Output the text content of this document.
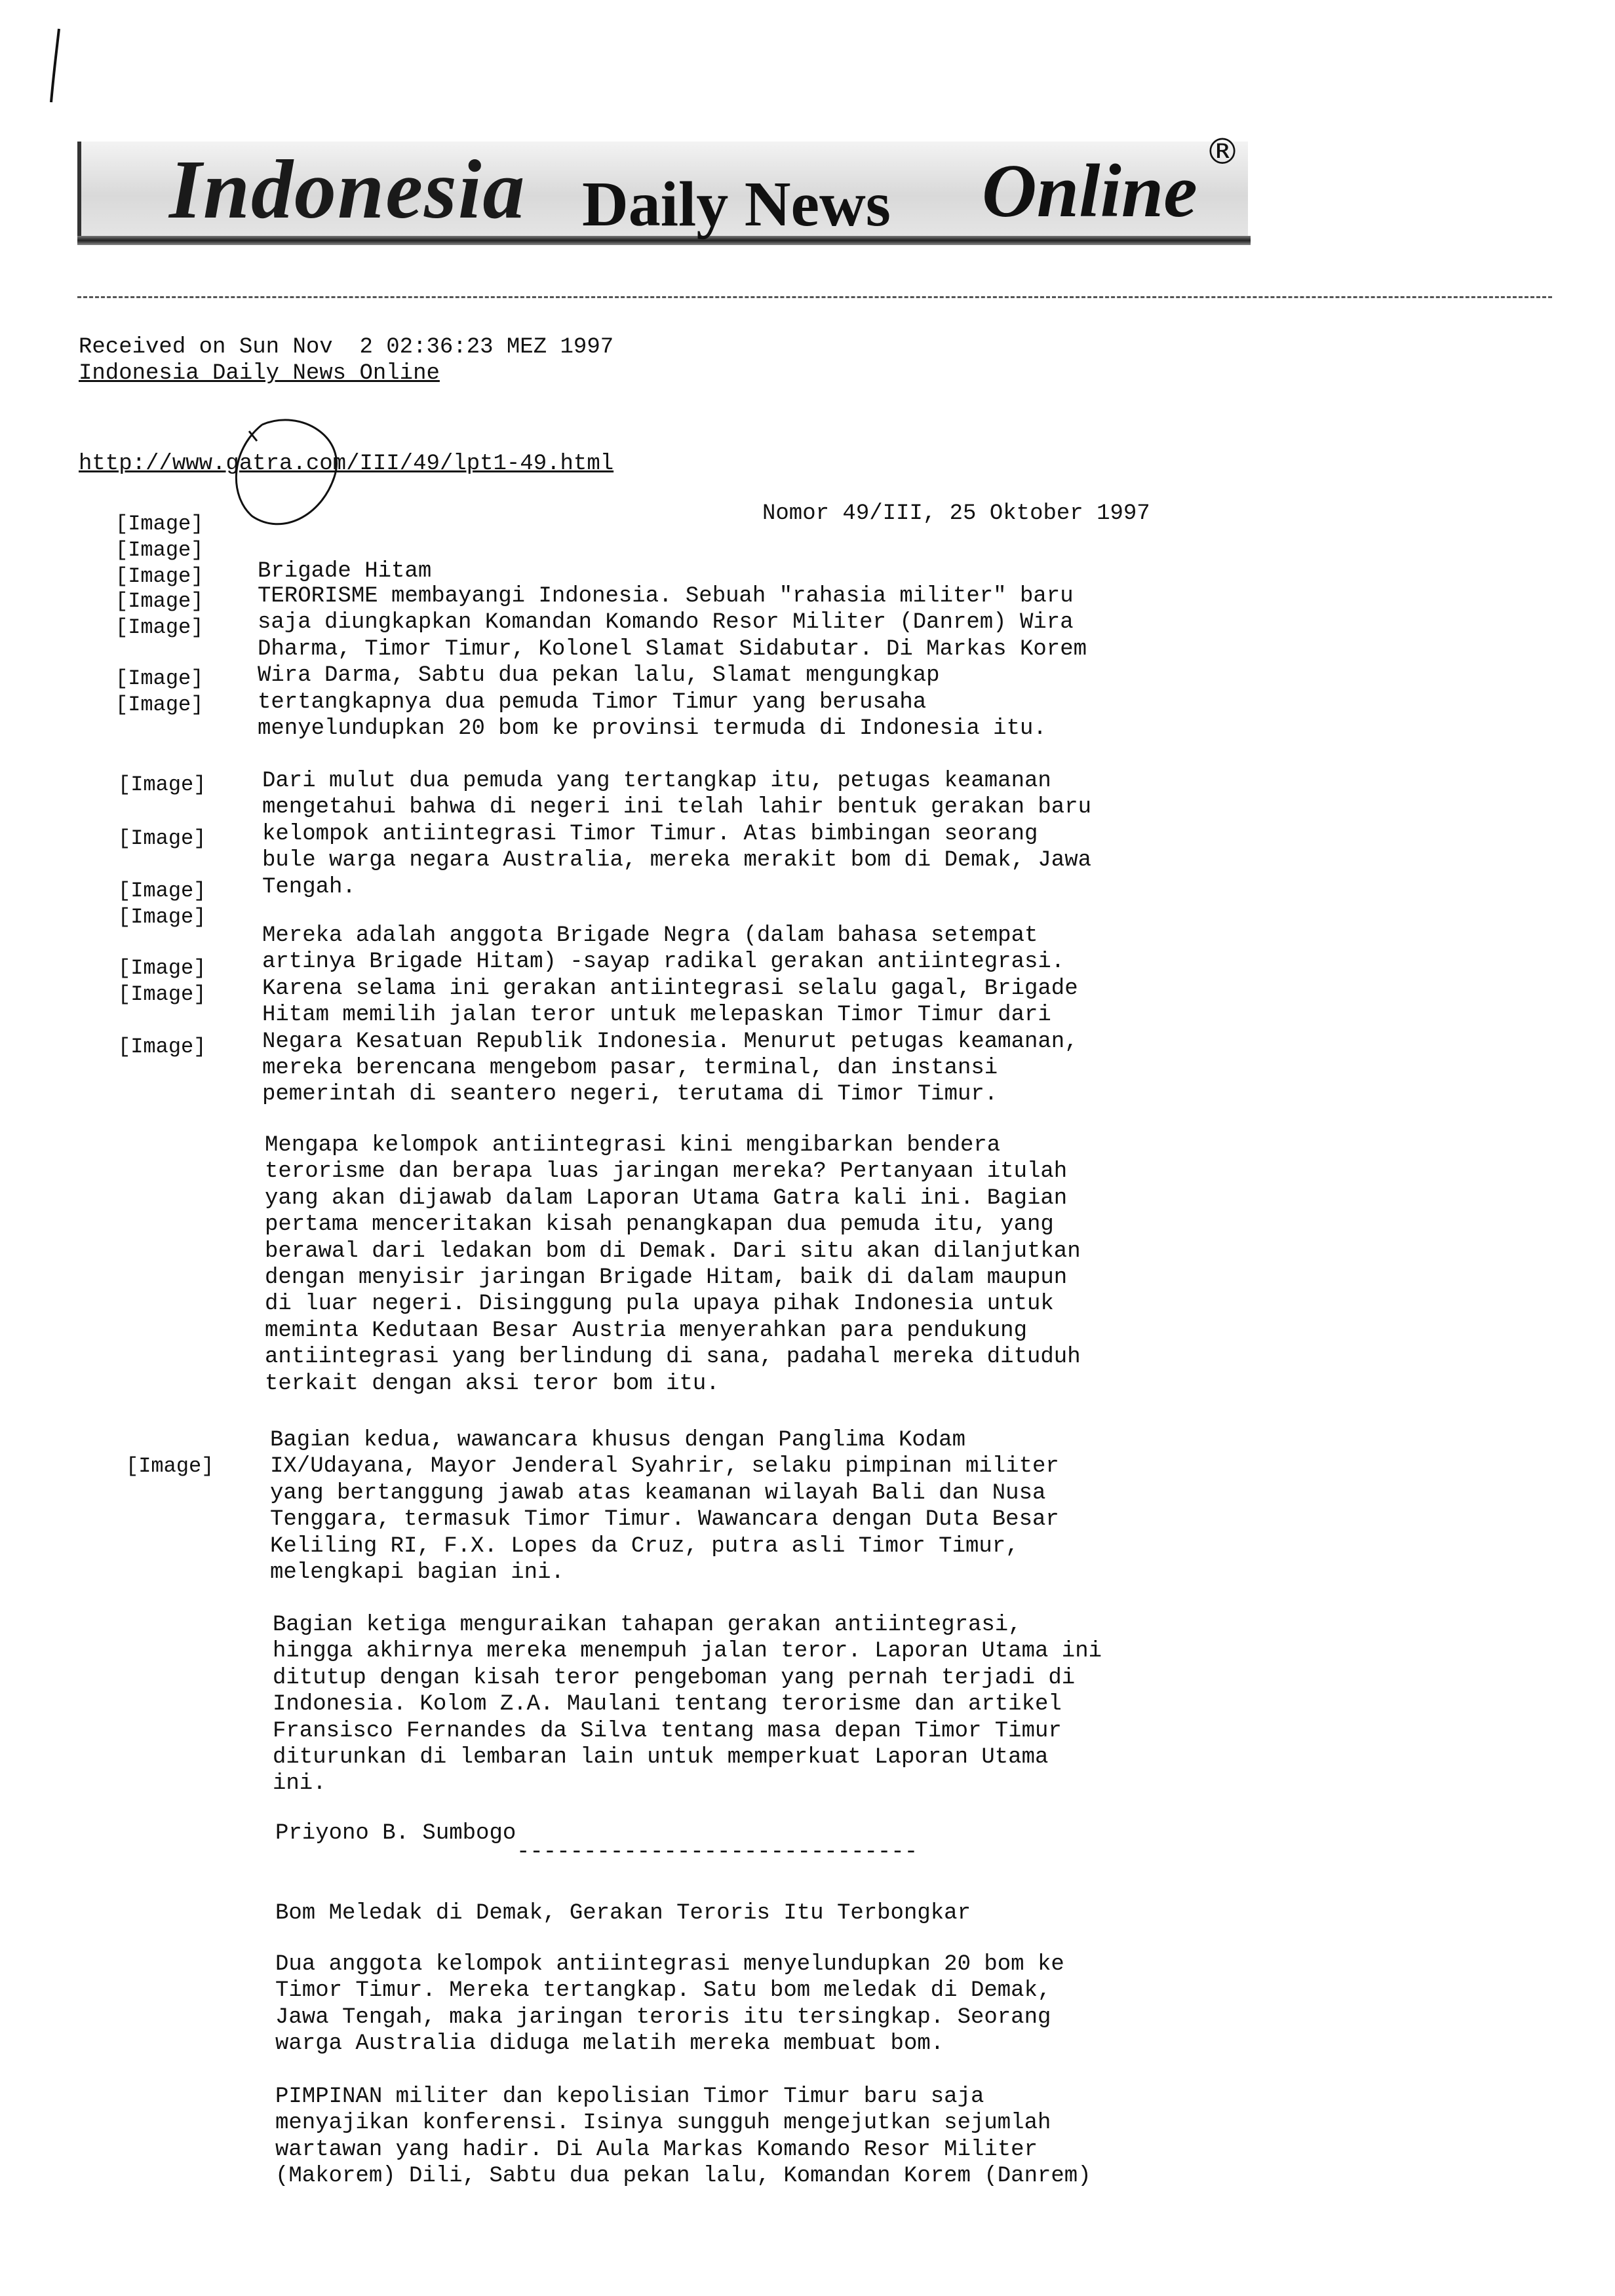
Indonesia Daily News Online ®
Received on Sun Nov  2 02:36:23 MEZ 1997
Indonesia Daily News Online
http://www.gatra.com/III/49/lpt1-49.html
Nomor 49/III, 25 Oktober 1997
[Image]
[Image]
[Image]
[Image]
[Image]
[Image]
[Image]
[Image]
[Image]
[Image]
[Image]
[Image]
[Image]
[Image]
[Image]
Brigade Hitam
TERORISME membayangi Indonesia. Sebuah "rahasia militer" baru
saja diungkapkan Komandan Komando Resor Militer (Danrem) Wira
Dharma, Timor Timur, Kolonel Slamat Sidabutar. Di Markas Korem
Wira Darma, Sabtu dua pekan lalu, Slamat mengungkap
tertangkapnya dua pemuda Timor Timur yang berusaha
menyelundupkan 20 bom ke provinsi termuda di Indonesia itu.
Dari mulut dua pemuda yang tertangkap itu, petugas keamanan
mengetahui bahwa di negeri ini telah lahir bentuk gerakan baru
kelompok antiintegrasi Timor Timur. Atas bimbingan seorang
bule warga negara Australia, mereka merakit bom di Demak, Jawa
Tengah.
Mereka adalah anggota Brigade Negra (dalam bahasa setempat
artinya Brigade Hitam) -sayap radikal gerakan antiintegrasi.
Karena selama ini gerakan antiintegrasi selalu gagal, Brigade
Hitam memilih jalan teror untuk melepaskan Timor Timur dari
Negara Kesatuan Republik Indonesia. Menurut petugas keamanan,
mereka berencana mengebom pasar, terminal, dan instansi
pemerintah di seantero negeri, terutama di Timor Timur.
Mengapa kelompok antiintegrasi kini mengibarkan bendera
terorisme dan berapa luas jaringan mereka? Pertanyaan itulah
yang akan dijawab dalam Laporan Utama Gatra kali ini. Bagian
pertama menceritakan kisah penangkapan dua pemuda itu, yang
berawal dari ledakan bom di Demak. Dari situ akan dilanjutkan
dengan menyisir jaringan Brigade Hitam, baik di dalam maupun
di luar negeri. Disinggung pula upaya pihak Indonesia untuk
meminta Kedutaan Besar Austria menyerahkan para pendukung
antiintegrasi yang berlindung di sana, padahal mereka dituduh
terkait dengan aksi teror bom itu.
Bagian kedua, wawancara khusus dengan Panglima Kodam
IX/Udayana, Mayor Jenderal Syahrir, selaku pimpinan militer
yang bertanggung jawab atas keamanan wilayah Bali dan Nusa
Tenggara, termasuk Timor Timur. Wawancara dengan Duta Besar
Keliling RI, F.X. Lopes da Cruz, putra asli Timor Timur,
melengkapi bagian ini.
Bagian ketiga menguraikan tahapan gerakan antiintegrasi,
hingga akhirnya mereka menempuh jalan teror. Laporan Utama ini
ditutup dengan kisah teror pengeboman yang pernah terjadi di
Indonesia. Kolom Z.A. Maulani tentang terorisme dan artikel
Fransisco Fernandes da Silva tentang masa depan Timor Timur
diturunkan di lembaran lain untuk memperkuat Laporan Utama
ini.
Priyono B. Sumbogo
------------------------------
Bom Meledak di Demak, Gerakan Teroris Itu Terbongkar
Dua anggota kelompok antiintegrasi menyelundupkan 20 bom ke
Timor Timur. Mereka tertangkap. Satu bom meledak di Demak,
Jawa Tengah, maka jaringan teroris itu tersingkap. Seorang
warga Australia diduga melatih mereka membuat bom.
PIMPINAN militer dan kepolisian Timor Timur baru saja
menyajikan konferensi. Isinya sungguh mengejutkan sejumlah
wartawan yang hadir. Di Aula Markas Komando Resor Militer
(Makorem) Dili, Sabtu dua pekan lalu, Komandan Korem (Danrem)
